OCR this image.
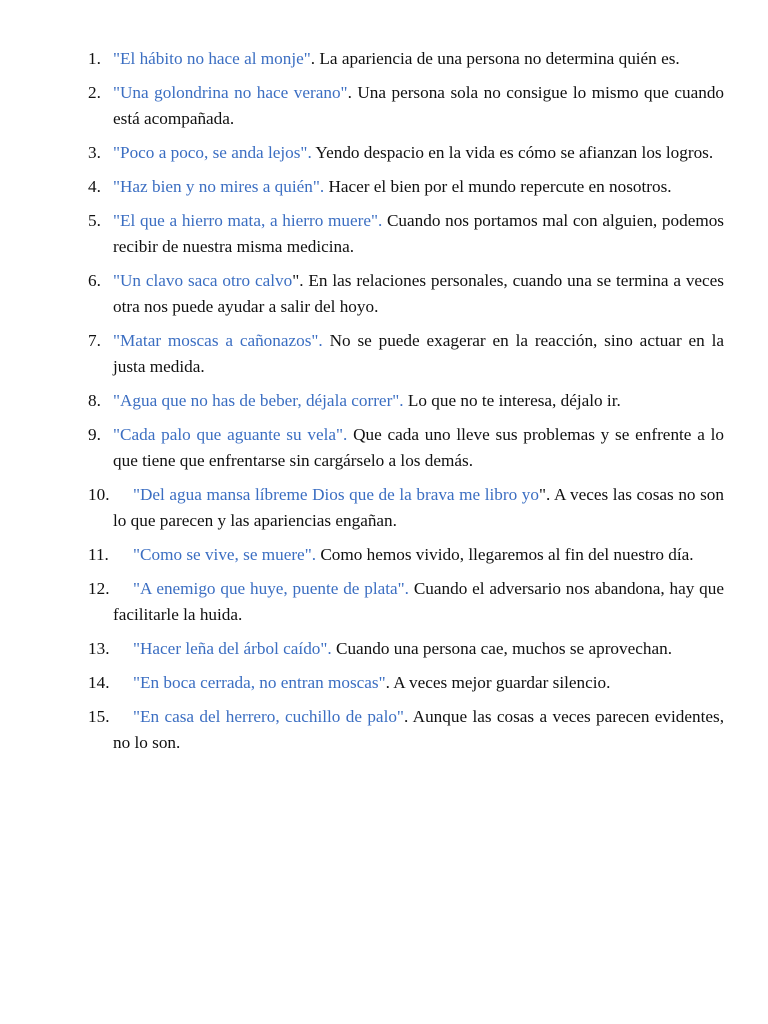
1. "El hábito no hace al monje". La apariencia de una persona no determina quién es.
2. "Una golondrina no hace verano". Una persona sola no consigue lo mismo que cuando está acompañada.
3. "Poco a poco, se anda lejos". Yendo despacio en la vida es cómo se afianzan los logros.
4. "Haz bien y no mires a quién". Hacer el bien por el mundo repercute en nosotros.
5. "El que a hierro mata, a hierro muere". Cuando nos portamos mal con alguien, podemos recibir de nuestra misma medicina.
6. "Un clavo saca otro calvo". En las relaciones personales, cuando una se termina a veces otra nos puede ayudar a salir del hoyo.
7. "Matar moscas a cañonazos". No se puede exagerar en la reacción, sino actuar en la justa medida.
8. "Agua que no has de beber, déjala correr". Lo que no te interesa, déjalo ir.
9. "Cada palo que aguante su vela". Que cada uno lleve sus problemas y se enfrente a lo que tiene que enfrentarse sin cargárselo a los demás.
10. "Del agua mansa líbreme Dios que de la brava me libro yo". A veces las cosas no son lo que parecen y las apariencias engañan.
11. "Como se vive, se muere". Como hemos vivido, llegaremos al fin del nuestro día.
12. "A enemigo que huye, puente de plata". Cuando el adversario nos abandona, hay que facilitarle la huida.
13. "Hacer leña del árbol caído". Cuando una persona cae, muchos se aprovechan.
14. "En boca cerrada, no entran moscas". A veces mejor guardar silencio.
15. "En casa del herrero, cuchillo de palo". Aunque las cosas a veces parecen evidentes, no lo son.
